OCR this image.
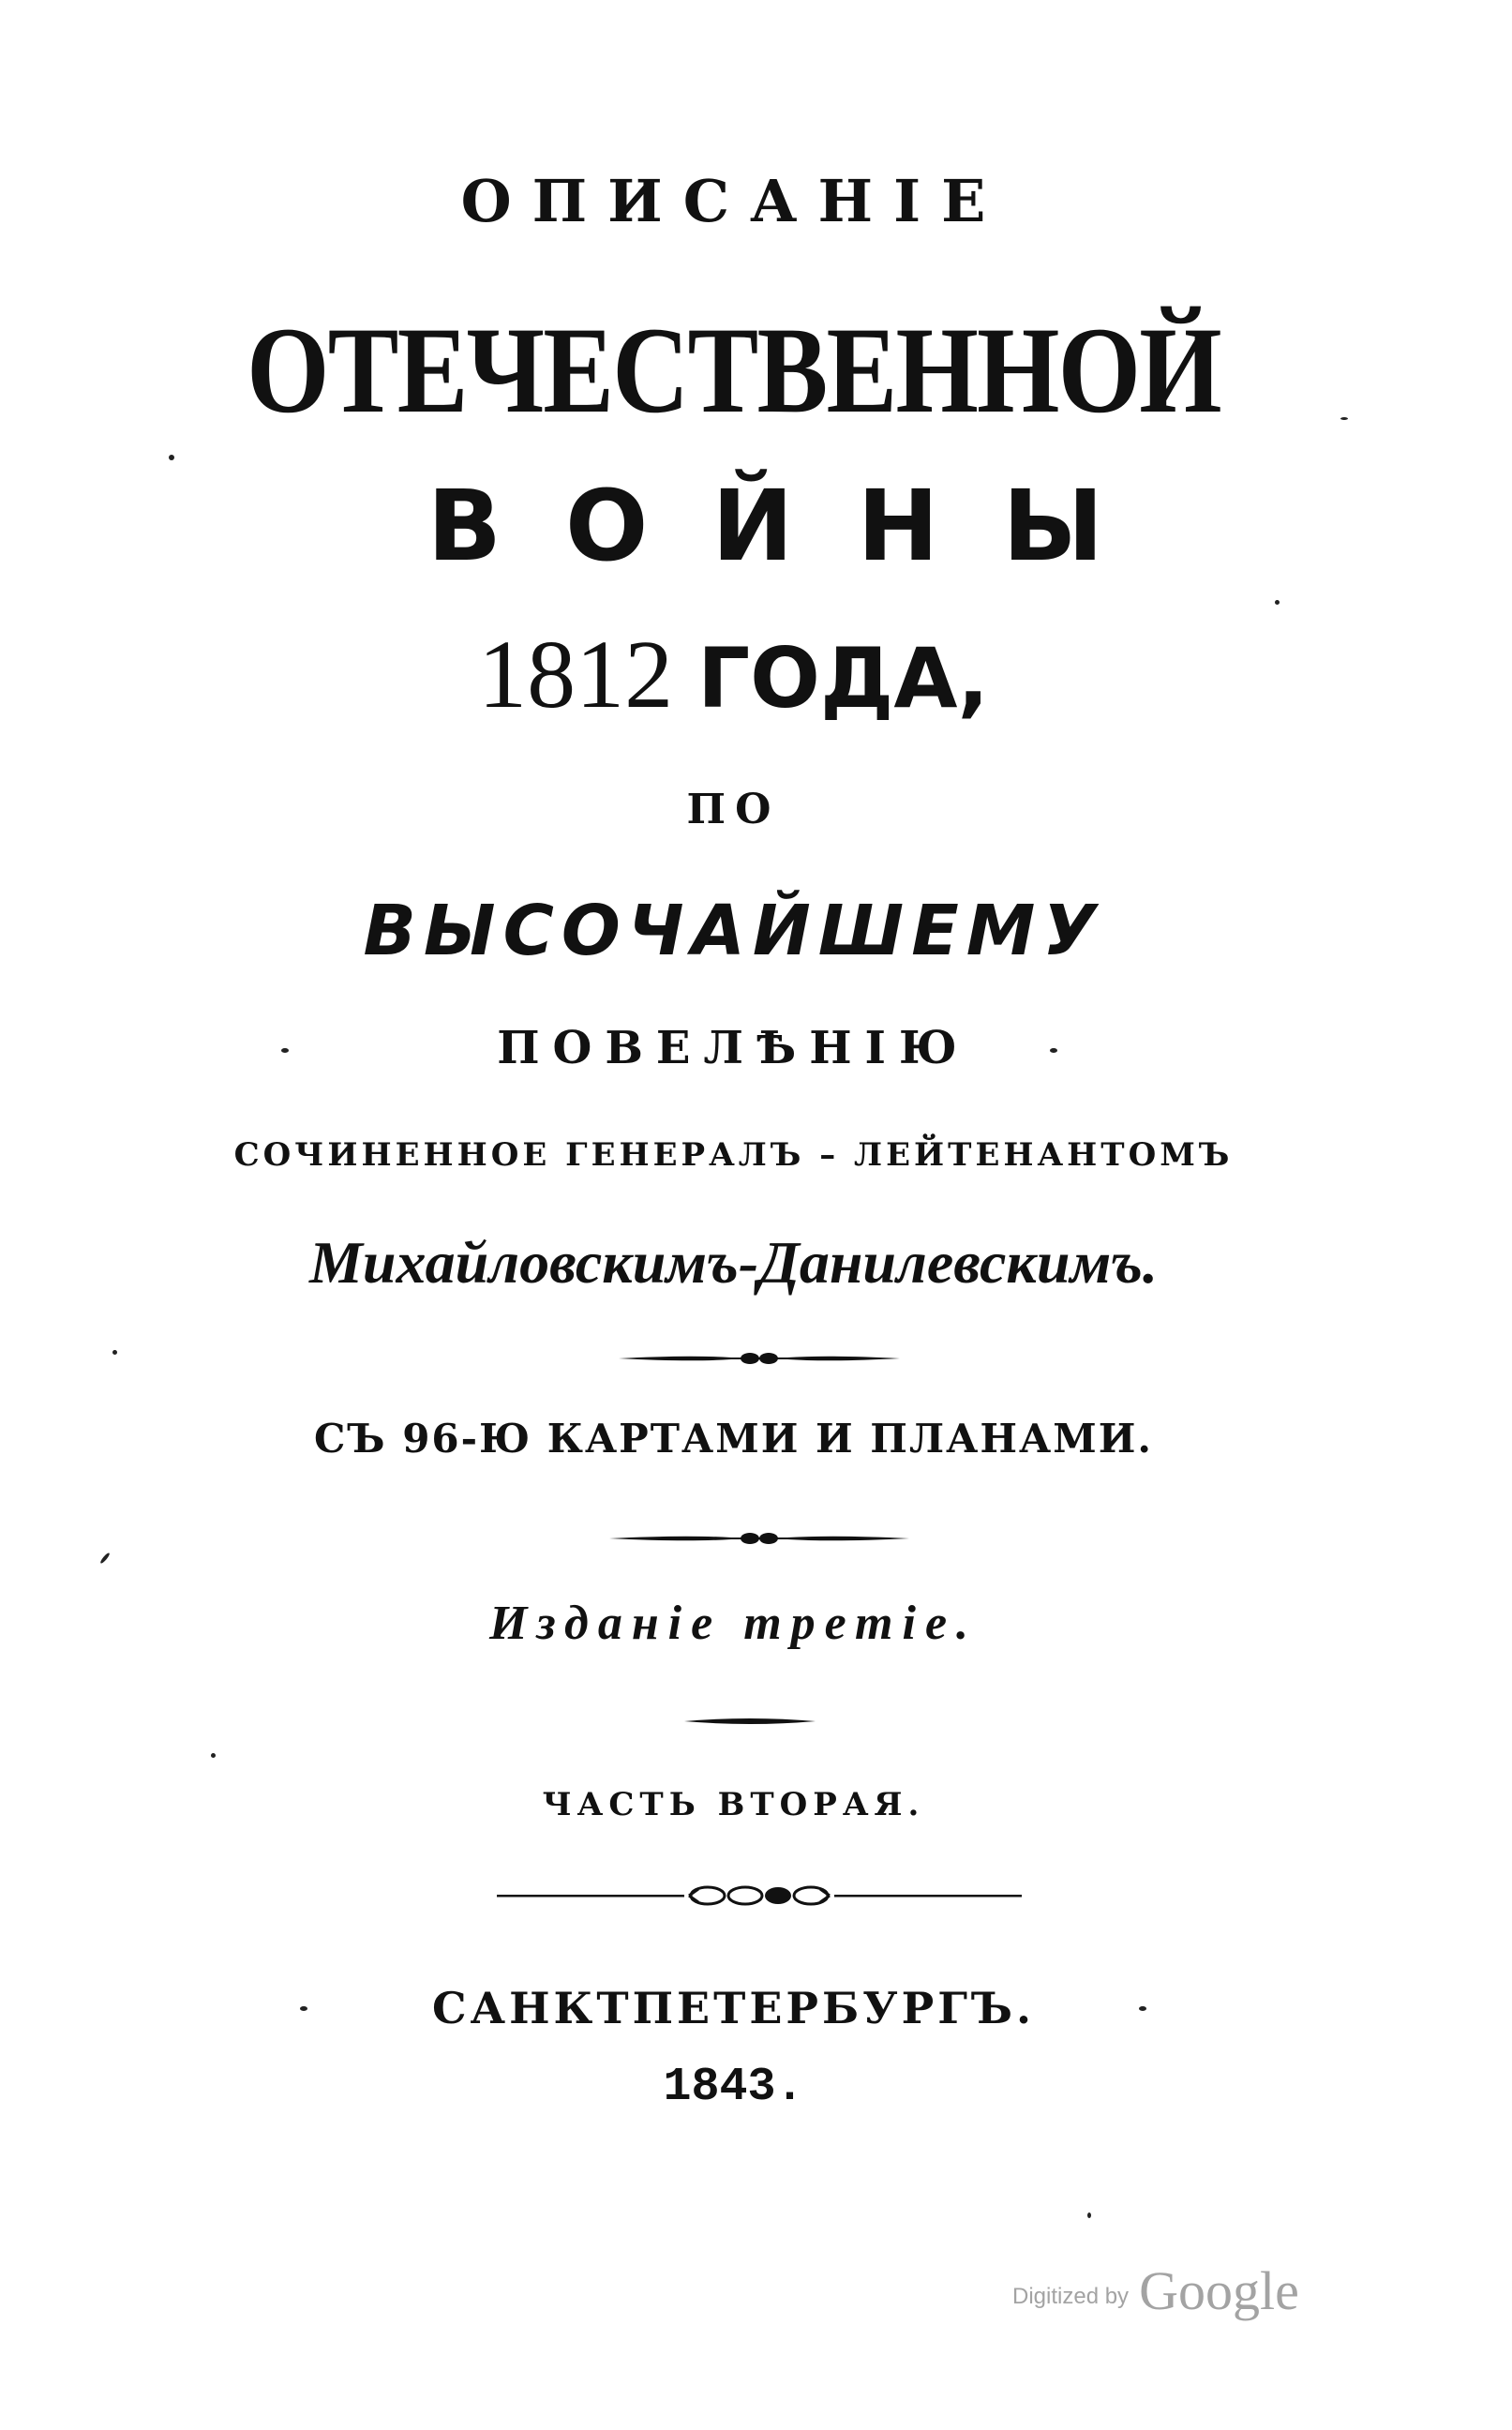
ОПИСАНІЕ
ОТЕЧЕСТВЕННОЙ
ВОЙНЫ
1812 ГОДА,
ПО
ВЫСОЧАЙШЕМУ
ПОВЕЛѢНІЮ
СОЧИНЕННОЕ ГЕНЕРАЛЪ – ЛЕЙТЕНАНТОМЪ
Михайловскимъ-Данилевскимъ.
СЪ 96-Ю КАРТАМИ И ПЛАНАМИ.
Изданіе третіе.
ЧАСТЬ ВТОРАЯ.
САНКТПЕТЕРБУРГЪ.
1843.
Digitized by Google
